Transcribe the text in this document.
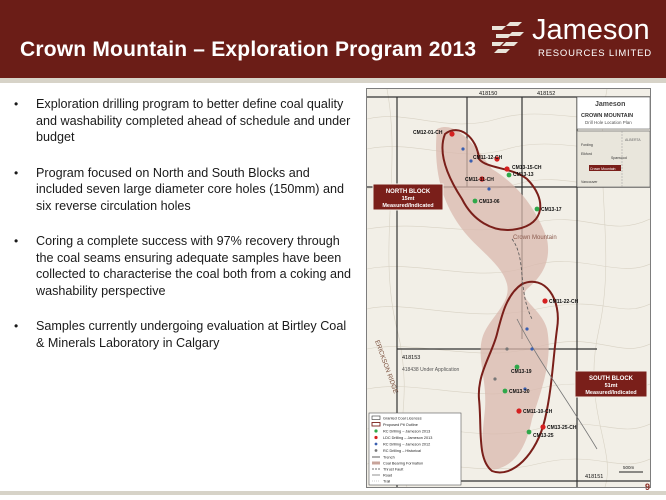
Crown Mountain – Exploration Program 2013
Jameson
RESOURCES LIMITED
• Exploration drilling program to better define coal quality and washability completed ahead of schedule and under budget
• Program focused on North and South Blocks and included seven large diameter core holes (150mm) and six reverse circulation holes
• Coring a complete success with 97% recovery through the coal seams ensuring adequate samples have been collected to characterise the coal both from a coking and washability perspective
• Samples currently undergoing evaluation at Birtley Coal & Minerals Laboratory in Calgary
418150	418152
418153
418151
418438 Under Application
Crown Mountain
ERICKSON RIDGE
Jameson
CROWN MOUNTAIN
Drill Hole Location Plan
Fording
Elkford
Sparwood
Crown Mountain
ALBERTA
Vancouver
NORTH BLOCK
15mt
Measured/Indicated
SOUTH BLOCK
51mt
Measured/Indicated
CM12-01-CH
CM11-12-CH
CM13-15-CH
CM13-13
CM11-11-CH
CM13-06
CM13-17
CM11-22-CH
CM13-19
CM13-20
CM11-10-CH
CM13-25-CH
CM13-25
Granted Coal Licences
Proposed Pit Outline
RC Drilling – Jameson 2013
LDC Drilling – Jameson 2013
RC Drilling – Jameson 2012
RC Drilling – Historical
Trench
Coal Bearing Formation
Thrust Fault
Road
Trail
500m
9
